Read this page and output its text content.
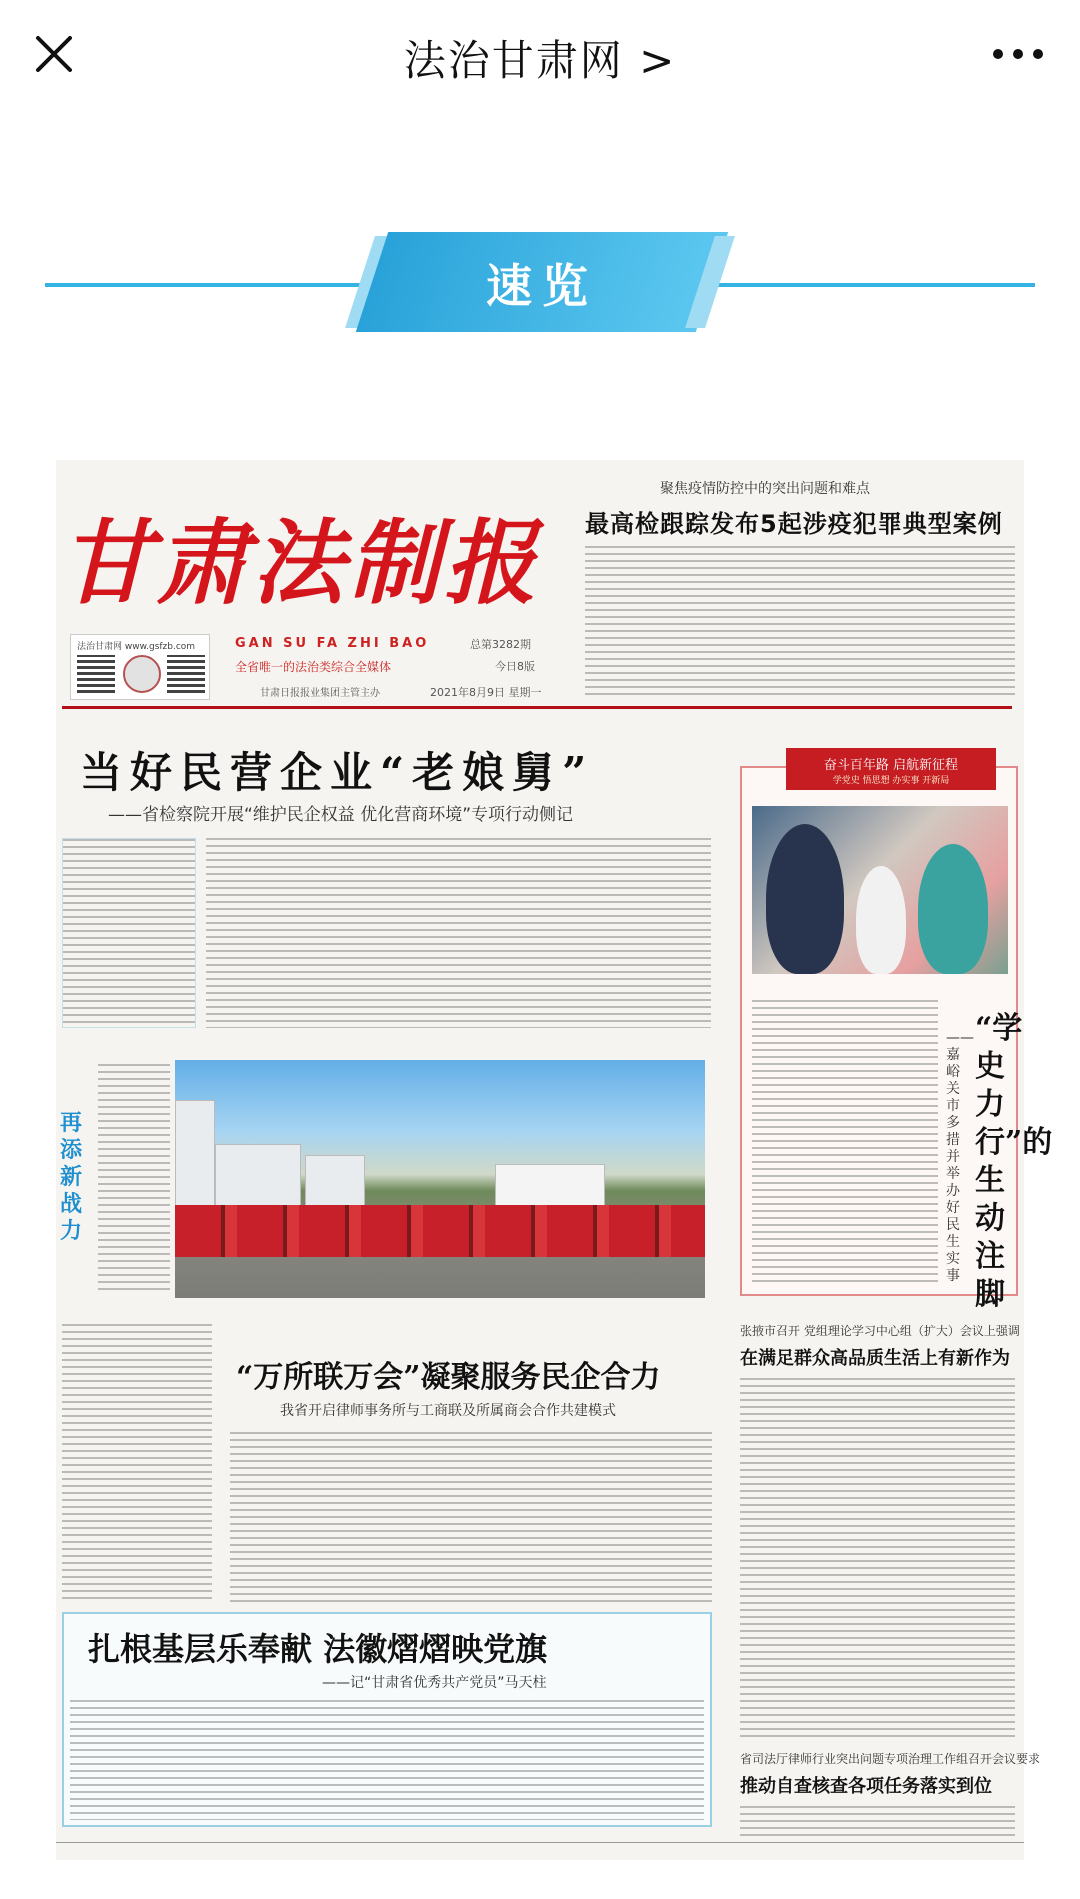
法治甘肃网 >
速览
甘肃法制报
法治甘肃网 www.gsfzb.com	GAN SU FA ZHI BAO
全省唯一的法治类综合全媒体
总第3282期
今日8版
甘肃日报报业集团主管主办	2021年8月9日 星期一
聚焦疫情防控中的突出问题和难点
最高检跟踪发布5起涉疫犯罪典型案例
当好民营企业“老娘舅”
——省检察院开展“维护民企权益 优化营商环境”专项行动侧记
奋斗百年路 启航新征程
学党史 悟思想 办实事 开新局
——嘉峪关市多措并举办好民生实事
“学史力行”的生动注脚
再添新战力
“万所联万会”凝聚服务民企合力
我省开启律师事务所与工商联及所属商会合作共建模式
张掖市召开 党组理论学习中心组（扩大）会议上强调
在满足群众高品质生活上有新作为
扎根基层乐奉献 法徽熠熠映党旗
——记“甘肃省优秀共产党员”马天柱
省司法厅律师行业突出问题专项治理工作组召开会议要求
推动自查核查各项任务落实到位
